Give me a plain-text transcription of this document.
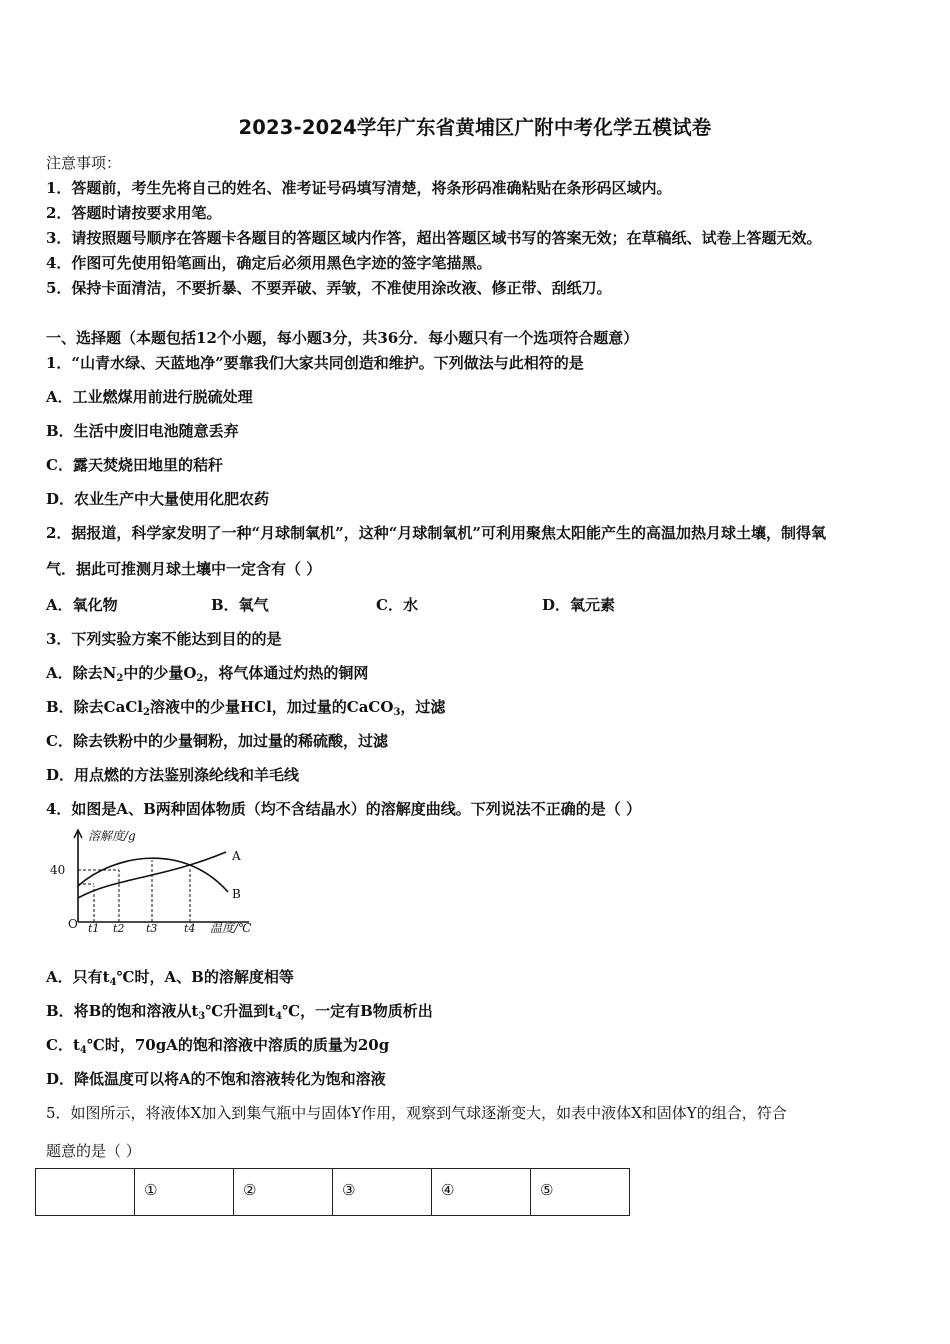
2023-2024学年广东省黄埔区广附中考化学五模试卷
注意事项：
1．答题前，考生先将自己的姓名、准考证号码填写清楚，将条形码准确粘贴在条形码区域内。
2．答题时请按要求用笔。
3．请按照题号顺序在答题卡各题目的答题区域内作答，超出答题区域书写的答案无效；在草稿纸、试卷上答题无效。
4．作图可先使用铅笔画出，确定后必须用黑色字迹的签字笔描黑。
5．保持卡面清洁，不要折暴、不要弄破、弄皱，不准使用涂改液、修正带、刮纸刀。
一、选择题（本题包括12个小题，每小题3分，共36分．每小题只有一个选项符合题意）
1．“山青水绿、天蓝地净”要靠我们大家共同创造和维护。下列做法与此相符的是
A．工业燃煤用前进行脱硫处理
B．生活中废旧电池随意丢弃
C．露天焚烧田地里的秸秆
D．农业生产中大量使用化肥农药
2．据报道，科学家发明了一种“月球制氧机”，这种“月球制氧机”可利用聚焦太阳能产生的高温加热月球土壤，制得氧
气．据此可推测月球土壤中一定含有（ ）
A．氧化物	B．氧气	C．水	D．氧元素
3．下列实验方案不能达到目的的是
A．除去$N_2$中的少量$O_2$，将气体通过灼热的铜网
B．除去CaCl$_2$溶液中的少量HCl，加过量的CaCO$_3$，过滤
C．除去铁粉中的少量铜粉，加过量的稀硫酸，过滤
D．用点燃的方法鉴别涤纶线和羊毛线
4．如图是A、B两种固体物质（均不含结晶水）的溶解度曲线。下列说法不正确的是（ ）
溶解度/g
40
O t1 t2 t3 t4 温度/℃
A
B
A．只有$t_4℃$时，A、B的溶解度相等
B．将B的饱和溶液从$t_3℃$升温到$t_4℃$，一定有B物质析出
C．$t_4℃$时，70gA的饱和溶液中溶质的质量为20g
D．降低温度可以将A的不饱和溶液转化为饱和溶液
5．如图所示，将液体X加入到集气瓶中与固体Y作用，观察到气球逐渐变大，如表中液体X和固体Y的组合，符合
题意的是（ ）
	①	②	③	④	⑤
